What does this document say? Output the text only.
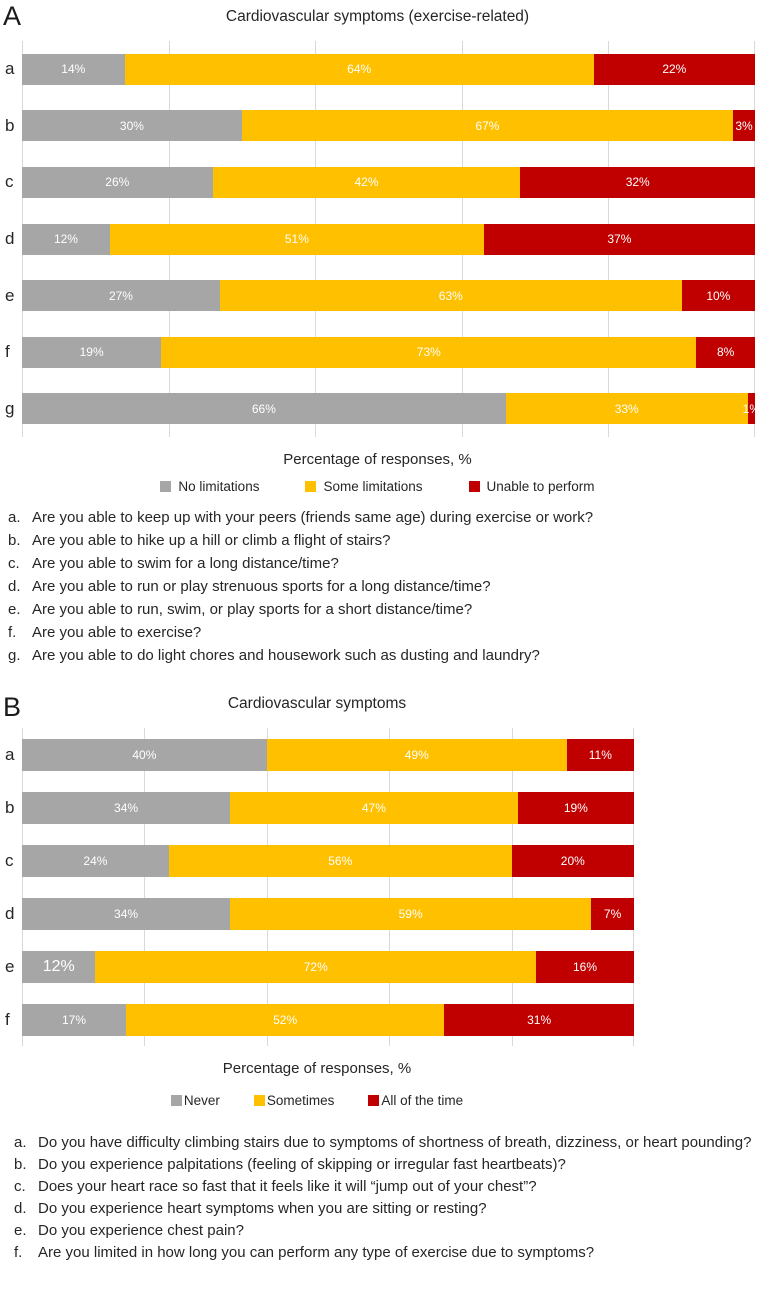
A	Cardiovascular symptoms (exercise-related)
a	14%	64%	22%
b	30%	67%	3%
c	26%	42%	32%
d	12%	51%	37%
e	27%	63%	10%
f	19%	73%	8%
g	66%	33%	1%
Percentage of responses, %
No limitations	Some limitations	Unable to perform
a. Are you able to keep up with your peers (friends same age) during exercise or work?
b. Are you able to hike up a hill or climb a flight of stairs?
c. Are you able to swim for a long distance/time?
d. Are you able to run or play strenuous sports for a long distance/time?
e. Are you able to run, swim, or play sports for a short distance/time?
f.	Are you able to exercise?
g. Are you able to do light chores and housework such as dusting and laundry?
B	Cardiovascular symptoms
a	40%	49%	11%
b	34%	47%	19%
c	24%	56%	20%
d	34%	59%	7%
e 12%	72%	16%
f	17%	52%	31%
Percentage of responses, %
Never	Sometimes	All of the time
a. Do you have difficulty climbing stairs due to symptoms of shortness of breath, dizziness, or heart pounding?
b. Do you experience palpitations (feeling of skipping or irregular fast heartbeats)?
c. Does your heart race so fast that it feels like it will “jump out of your chest”?
d. Do you experience heart symptoms when you are sitting or resting?
e. Do you experience chest pain?
f.	Are you limited in how long you can perform any type of exercise due to symptoms?
